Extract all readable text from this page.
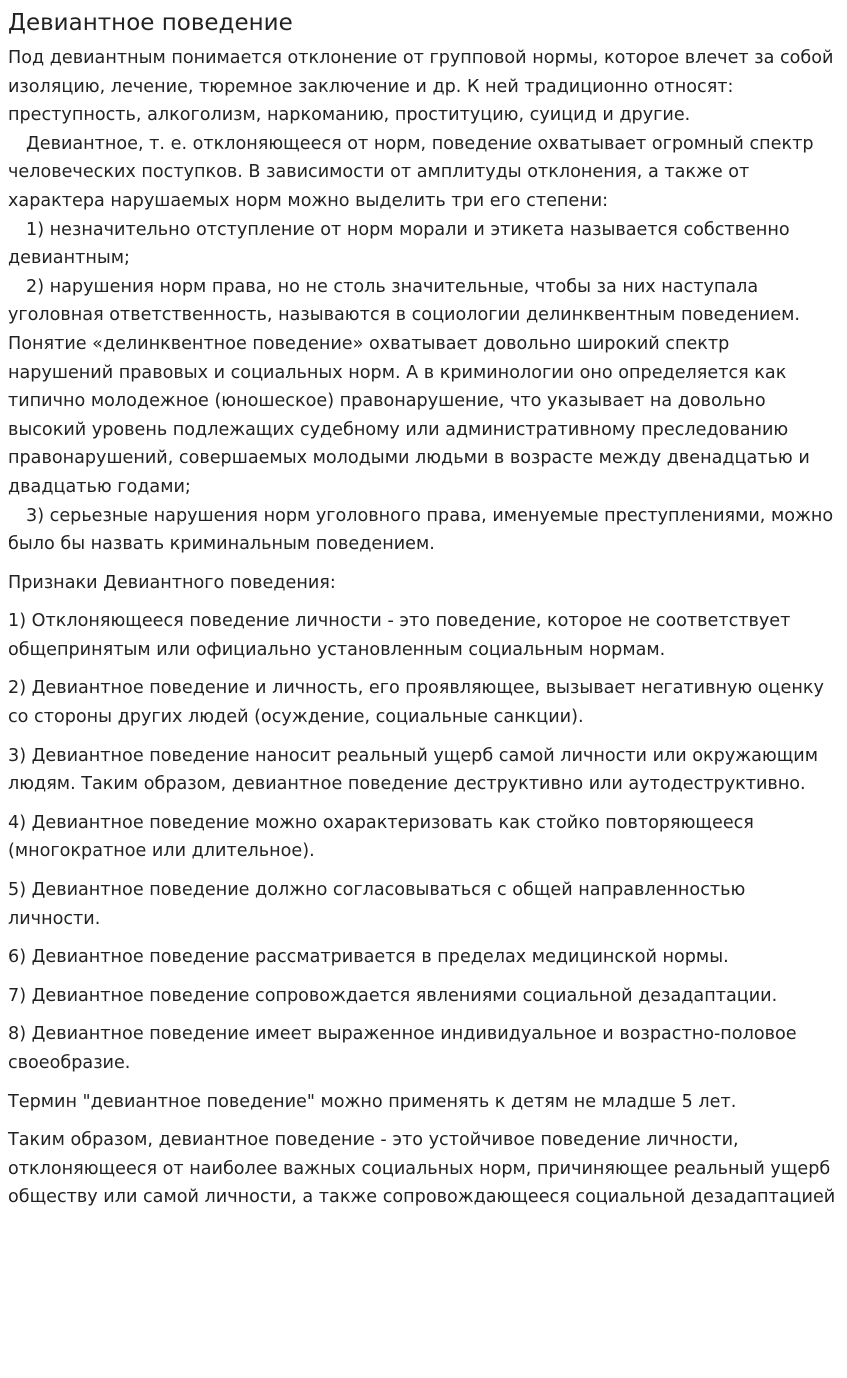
Девиантное поведение

Под девиантным понимается отклонение от групповой нормы, которое влечет за собой изоляцию, лечение, тюремное заключение и др. К ней традиционно относят: преступность, алкоголизм, наркоманию, проституцию, суицид и другие.

Девиантное, т. е. отклоняющееся от норм, поведение охватывает огромный спектр человеческих поступков. В зависимости от амплитуды отклонения, а также от характера нарушаемых норм можно выделить три его степени:

1) незначительно отступление от норм морали и этикета называется собственно девиантным;

2) нарушения норм права, но не столь значительные, чтобы за них наступала уголовная ответственность, называются в социологии делинквентным поведением. Понятие «делинквентное поведение» охватывает довольно широкий спектр нарушений правовых и социальных норм. А в криминологии оно определяется как типично молодежное (юношеское) правонарушение, что указывает на довольно высокий уровень подлежащих судебному или административному преследованию правонарушений, совершаемых молодыми людьми в возрасте между двенадцатью и двадцатью годами;

3) серьезные нарушения норм уголовного права, именуемые преступлениями, можно было бы назвать криминальным поведением.

Признаки Девиантного поведения:

1) Отклоняющееся поведение личности - это поведение, которое не соответствует общепринятым или официально установленным социальным нормам.

2) Девиантное поведение и личность, его проявляющее, вызывает негативную оценку со стороны других людей (осуждение, социальные санкции).

3) Девиантное поведение наносит реальный ущерб самой личности или окружающим людям. Таким образом, девиантное поведение деструктивно или аутодеструктивно.

4) Девиантное поведение можно охарактеризовать как стойко повторяющееся (многократное или длительное).

5) Девиантное поведение должно согласовываться с общей направленностью личности.

6) Девиантное поведение рассматривается в пределах медицинской нормы.

7) Девиантное поведение сопровождается явлениями социальной дезадаптации.

8) Девиантное поведение имеет выраженное индивидуальное и возрастно-половое своеобразие.

Термин "девиантное поведение" можно применять к детям не младше 5 лет.

Таким образом, девиантное поведение - это устойчивое поведение личности, отклоняющееся от наиболее важных социальных норм, причиняющее реальный ущерб обществу или самой личности, а также сопровождающееся социальной дезадаптацией
